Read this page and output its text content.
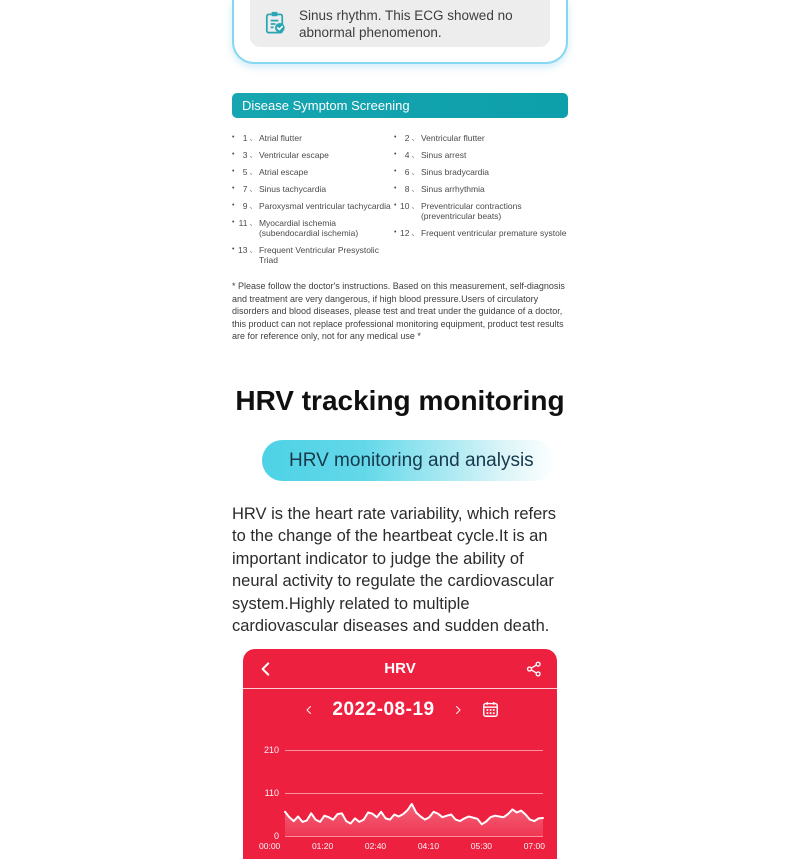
Sinus rhythm. This ECG showed no abnormal phenomenon.
Disease Symptom Screening
• 1 、 Atrial flutter
• 3 、 Ventricular escape
• 5 、 Atrial escape
• 7 、 Sinus tachycardia
• 9 、 Paroxysmal ventricular tachycardia
• 11 、 Myocardial ischemia
(subendocardial ischemia)
• 13 、 Frequent Ventricular Presystolic Triad
• 2 、 Ventricular flutter
• 4 、 Sinus arrest
• 6 、 Sinus bradycardia
• 8 、 Sinus arrhythmia
• 10 、 Preventricular contractions
(preventricular beats)
• 12 、 Frequent ventricular premature systole
* Please follow the doctor's instructions. Based on this measurement, self-diagnosis and treatment are very dangerous, if high blood pressure.Users of circulatory disorders and blood diseases, please test and treat under the guidance of a doctor, this product can not replace professional monitoring equipment, product test results are for reference only, not for any medical use *
HRV tracking monitoring
HRV monitoring and analysis
HRV is the heart rate variability, which refers to the change of the heartbeat cycle.It is an important indicator to judge the ability of neural activity to regulate the cardiovascular system.Highly related to multiple cardiovascular diseases and sudden death.
HRV
2022-08-19
210
110
0
00:00	01:20	02:40	04:10	05:30	07:00
